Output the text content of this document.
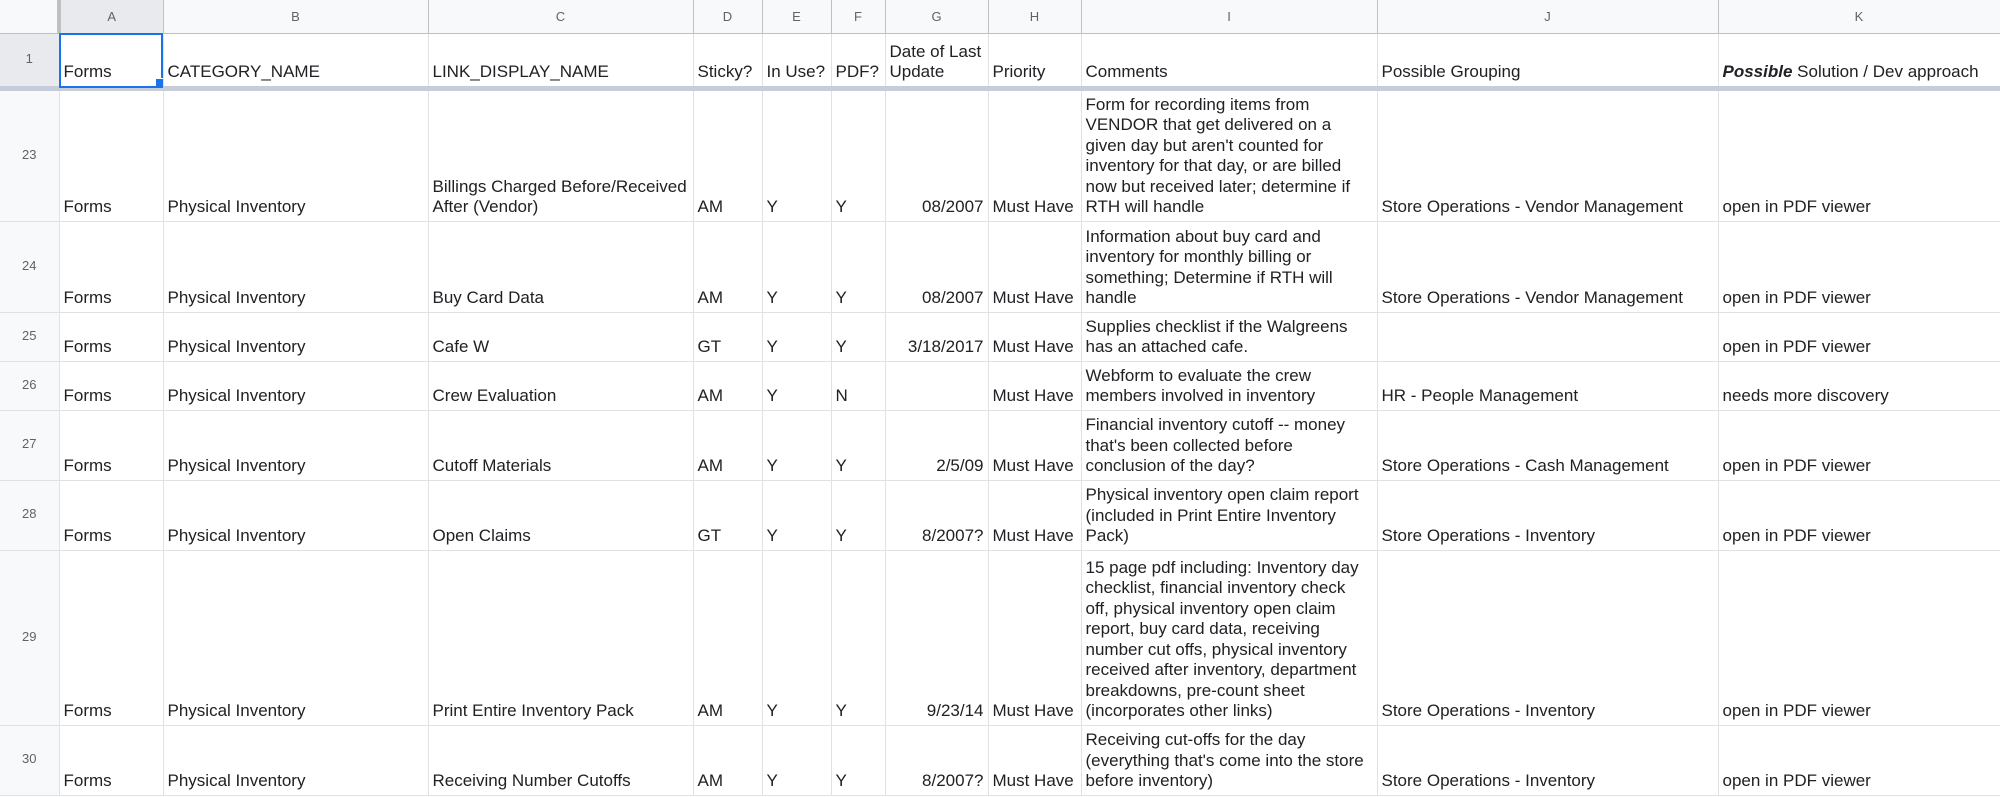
	A	B	C	D	E	F	G	H	I	J	K
1	Forms	CATEGORY_NAME	LINK_DISPLAY_NAME	Sticky?	In Use?	PDF?	Date of Last Update	Priority	Comments	Possible Grouping	Possible Solution / Dev approach
23	Forms	Physical Inventory	Billings Charged Before/Received After (Vendor)	AM	Y	Y	08/2007	Must Have	Form for recording items from VENDOR that get delivered on a given day but aren't counted for inventory for that day, or are billed now but received later; determine if RTH will handle	Store Operations - Vendor Management	open in PDF viewer
24	Forms	Physical Inventory	Buy Card Data	AM	Y	Y	08/2007	Must Have	Information about buy card and inventory for monthly billing or something; Determine if RTH will handle	Store Operations - Vendor Management	open in PDF viewer
25	Forms	Physical Inventory	Cafe W	GT	Y	Y	3/18/2017	Must Have	Supplies checklist if the Walgreens has an attached cafe.		open in PDF viewer
26	Forms	Physical Inventory	Crew Evaluation	AM	Y	N		Must Have	Webform to evaluate the crew members involved in inventory	HR - People Management	needs more discovery
27	Forms	Physical Inventory	Cutoff Materials	AM	Y	Y	2/5/09	Must Have	Financial inventory cutoff -- money that's been collected before conclusion of the day?	Store Operations - Cash Management	open in PDF viewer
28	Forms	Physical Inventory	Open Claims	GT	Y	Y	8/2007?	Must Have	Physical inventory open claim report (included in Print Entire Inventory Pack)	Store Operations - Inventory	open in PDF viewer
29	Forms	Physical Inventory	Print Entire Inventory Pack	AM	Y	Y	9/23/14	Must Have	15 page pdf including: Inventory day checklist, financial inventory check off, physical inventory open claim report, buy card data, receiving number cut offs, physical inventory received after inventory, department breakdowns, pre-count sheet (incorporates other links)	Store Operations - Inventory	open in PDF viewer
30	Forms	Physical Inventory	Receiving Number Cutoffs	AM	Y	Y	8/2007?	Must Have	Receiving cut-offs for the day (everything that's come into the store before inventory)	Store Operations - Inventory	open in PDF viewer
